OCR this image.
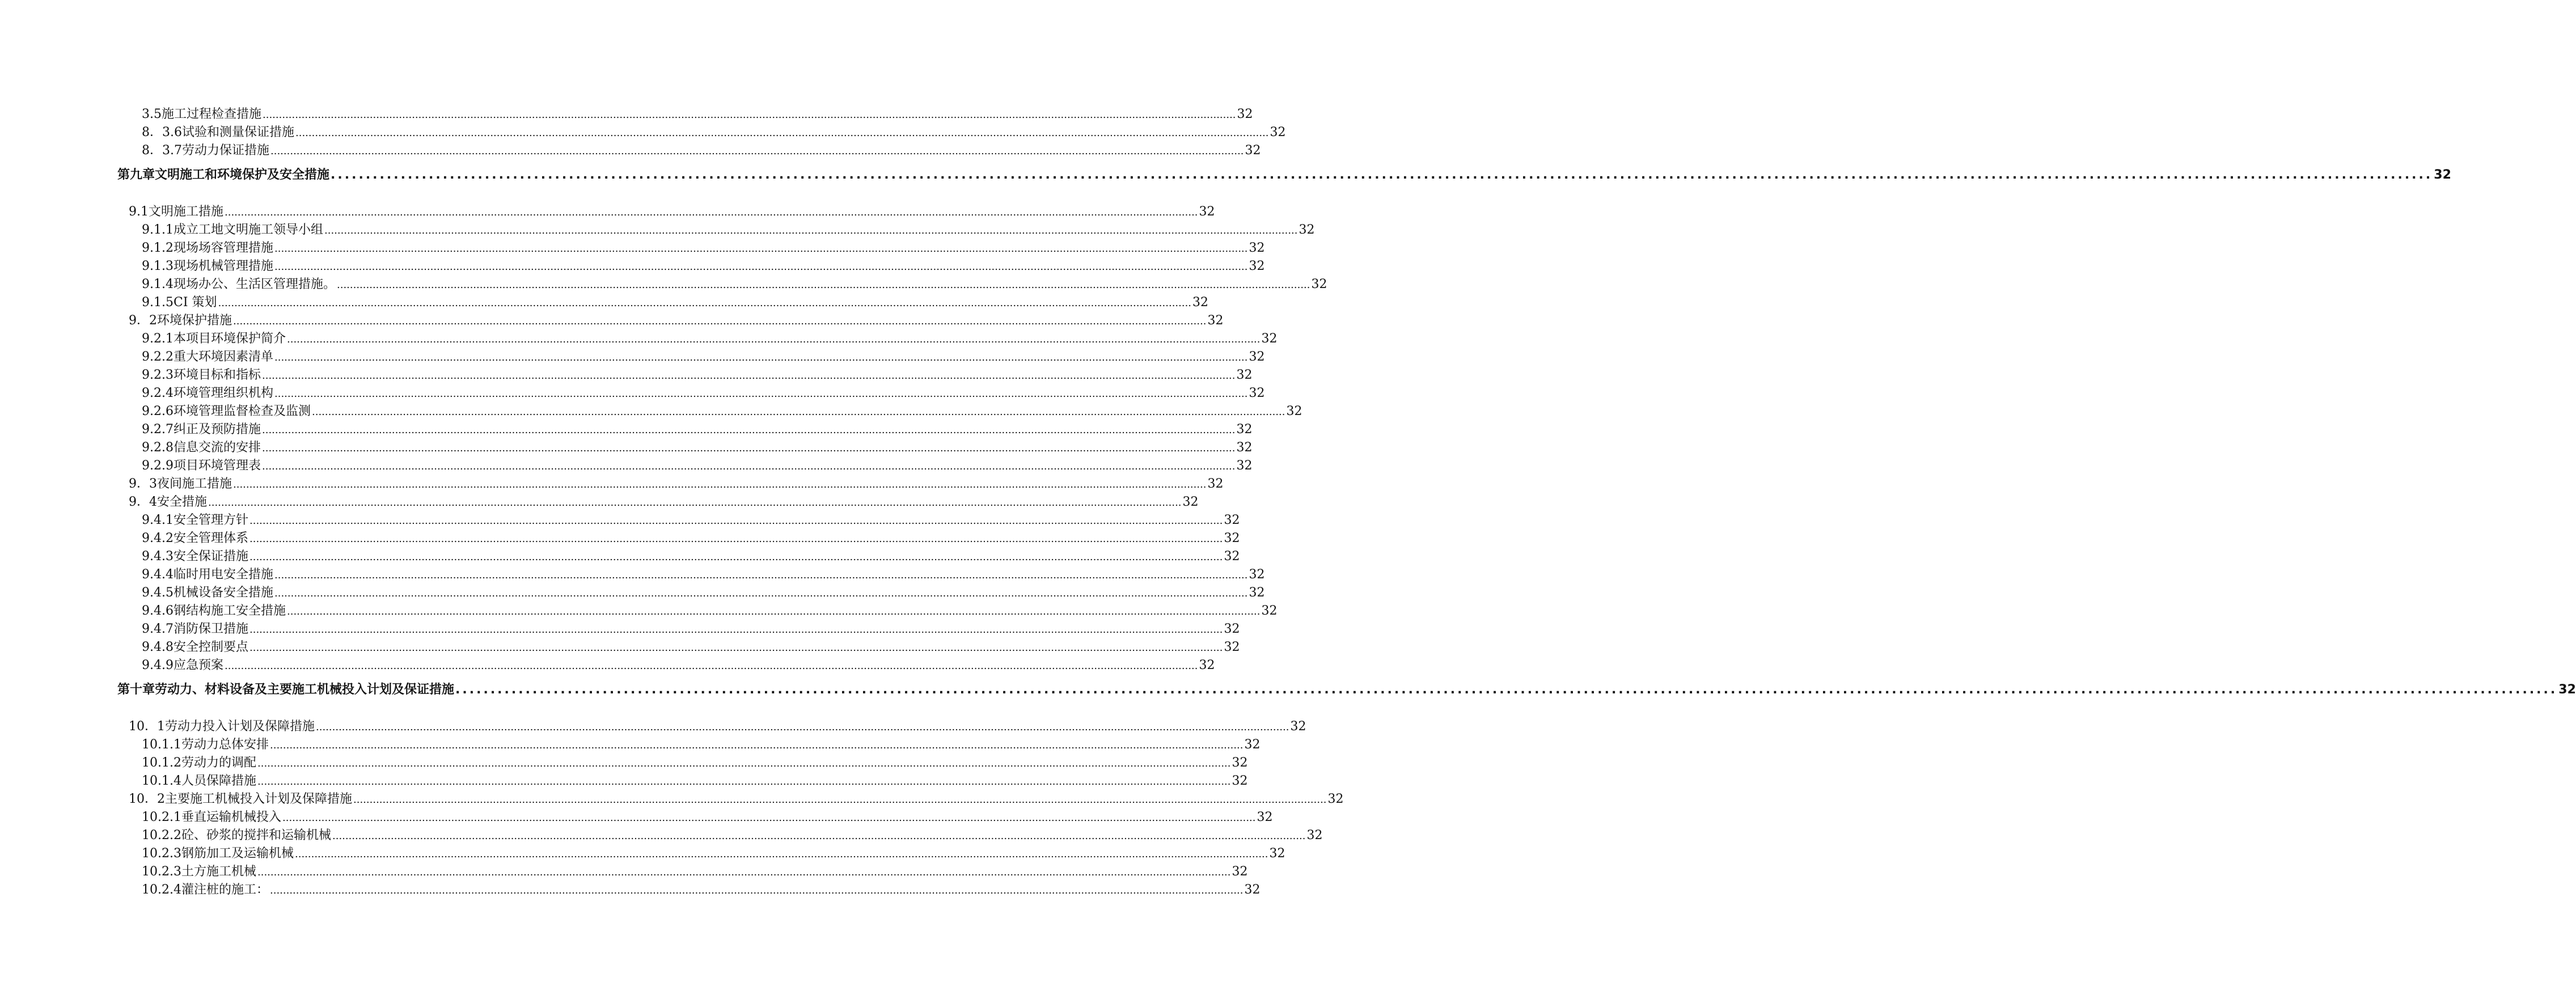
3.5 施工过程检查措施 ............................................................................................................................................................................................................................................................................................................ 32
8．3.6 试验和测量保证措施 ............................................................................................................................................................................................................................................................................................................ 32
8．3.7 劳动力保证措施 ............................................................................................................................................................................................................................................................................................................ 32
第九章 文明施工和环境保护及安全措施 ............................................................................................................................................................................................................................................................................................................ 32
9.1 文明施工措施 ............................................................................................................................................................................................................................................................................................................ 32
9.1.1 成立工地文明施工领导小组 ............................................................................................................................................................................................................................................................................................................ 32
9.1.2 现场场容管理措施 ............................................................................................................................................................................................................................................................................................................ 32
9.1.3 现场机械管理措施 ............................................................................................................................................................................................................................................................................................................ 32
9.1.4 现场办公、生活区管理措施。 ............................................................................................................................................................................................................................................................................................................ 32
9.1.5 CI 策划 ............................................................................................................................................................................................................................................................................................................ 32
9．2 环境保护措施 ............................................................................................................................................................................................................................................................................................................ 32
9.2.1 本项目环境保护简介 ............................................................................................................................................................................................................................................................................................................ 32
9.2.2 重大环境因素清单 ............................................................................................................................................................................................................................................................................................................ 32
9.2.3 环境目标和指标 ............................................................................................................................................................................................................................................................................................................ 32
9.2.4 环境管理组织机构 ............................................................................................................................................................................................................................................................................................................ 32
9.2.6 环境管理监督检查及监测 ............................................................................................................................................................................................................................................................................................................ 32
9.2.7 纠正及预防措施 ............................................................................................................................................................................................................................................................................................................ 32
9.2.8 信息交流的安排 ............................................................................................................................................................................................................................................................................................................ 32
9.2.9 项目环境管理表 ............................................................................................................................................................................................................................................................................................................ 32
9．3 夜间施工措施 ............................................................................................................................................................................................................................................................................................................ 32
9．4 安全措施 ............................................................................................................................................................................................................................................................................................................ 32
9.4.1 安全管理方针 ............................................................................................................................................................................................................................................................................................................ 32
9.4.2 安全管理体系 ............................................................................................................................................................................................................................................................................................................ 32
9.4.3 安全保证措施 ............................................................................................................................................................................................................................................................................................................ 32
9.4.4 临时用电安全措施 ............................................................................................................................................................................................................................................................................................................ 32
9.4.5 机械设备安全措施 ............................................................................................................................................................................................................................................................................................................ 32
9.4.6 钢结构施工安全措施 ............................................................................................................................................................................................................................................................................................................ 32
9.4.7 消防保卫措施 ............................................................................................................................................................................................................................................................................................................ 32
9.4.8 安全控制要点 ............................................................................................................................................................................................................................................................................................................ 32
9.4.9 应急预案 ............................................................................................................................................................................................................................................................................................................ 32
第十章 劳动力、材料设备及主要施工机械投入计划及保证措施 ............................................................................................................................................................................................................................................................................................................ 32
10．1 劳动力投入计划及保障措施 ............................................................................................................................................................................................................................................................................................................ 32
10.1.1 劳动力总体安排 ............................................................................................................................................................................................................................................................................................................ 32
10.1.2 劳动力的调配 ............................................................................................................................................................................................................................................................................................................ 32
10.1.4 人员保障措施 ............................................................................................................................................................................................................................................................................................................ 32
10．2 主要施工机械投入计划及保障措施 ............................................................................................................................................................................................................................................................................................................ 32
10.2.1 垂直运输机械投入 ............................................................................................................................................................................................................................................................................................................ 32
10.2.2 砼、砂浆的搅拌和运输机械 ............................................................................................................................................................................................................................................................................................................ 32
10.2.3 钢筋加工及运输机械 ............................................................................................................................................................................................................................................................................................................ 32
10.2.3 土方施工机械 ............................................................................................................................................................................................................................................................................................................ 32
10.2.4 灌注桩的施工： ............................................................................................................................................................................................................................................................................................................ 32
